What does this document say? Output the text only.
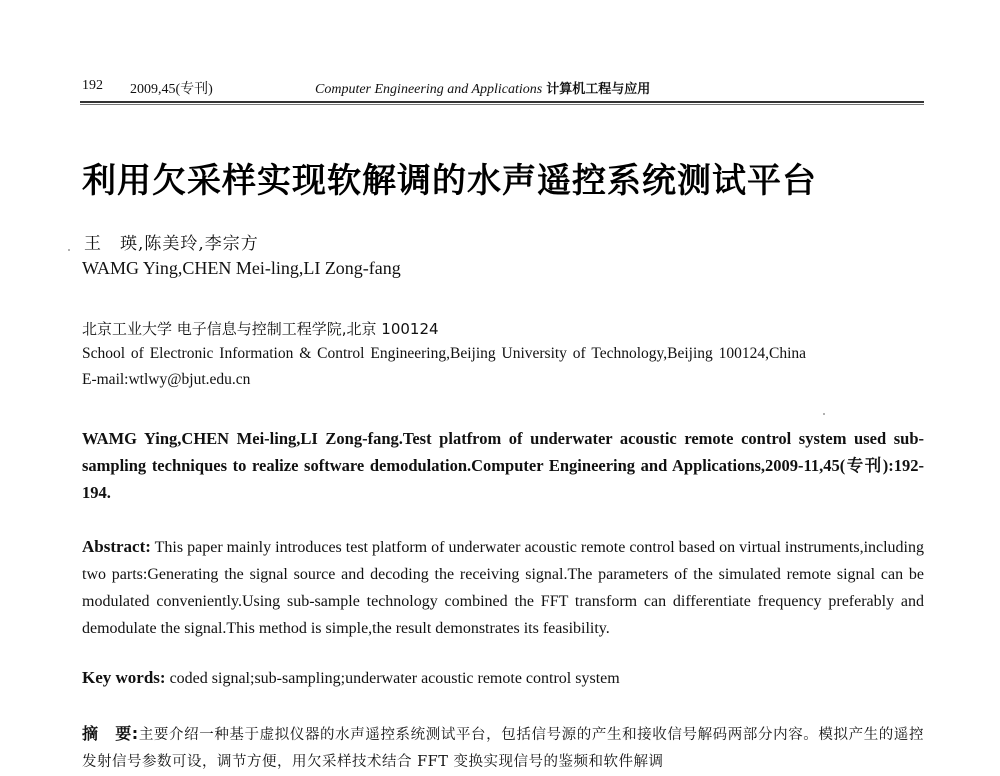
192 2009,45(专刊)	Computer Engineering and Applications 计算机工程与应用
利用欠采样实现软解调的水声遥控系统测试平台
王　瑛,陈美玲,李宗方
WAMG Ying,CHEN Mei-ling,LI Zong-fang
北京工业大学 电子信息与控制工程学院,北京 100124
School of Electronic Information & Control Engineering,Beijing University of Technology,Beijing 100124,China
E-mail:wtlwy@bjut.edu.cn
WAMG Ying,CHEN Mei-ling,LI Zong-fang.Test platfrom of underwater acoustic remote control system used sub-sampling techniques to realize software demodulation.Computer Engineering and Applications,2009-11,45(专刊):192-194.
Abstract: This paper mainly introduces test platform of underwater acoustic remote control based on virtual instruments,including two parts:Generating the signal source and decoding the receiving signal.The parameters of the simulated remote signal can be modulated conveniently.Using sub-sample technology combined the FFT transform can differentiate frequency preferably and demodulate the signal.This method is simple,the result demonstrates its feasibility.
Key words: coded signal;sub-sampling;underwater acoustic remote control system
摘　要:主要介绍一种基于虚拟仪器的水声遥控系统测试平台，包括信号源的产生和接收信号解码两部分内容。模拟产生的遥控发射信号参数可设，调节方便，用欠采样技术结合 FFT 变换实现信号的鉴频和软件解调
